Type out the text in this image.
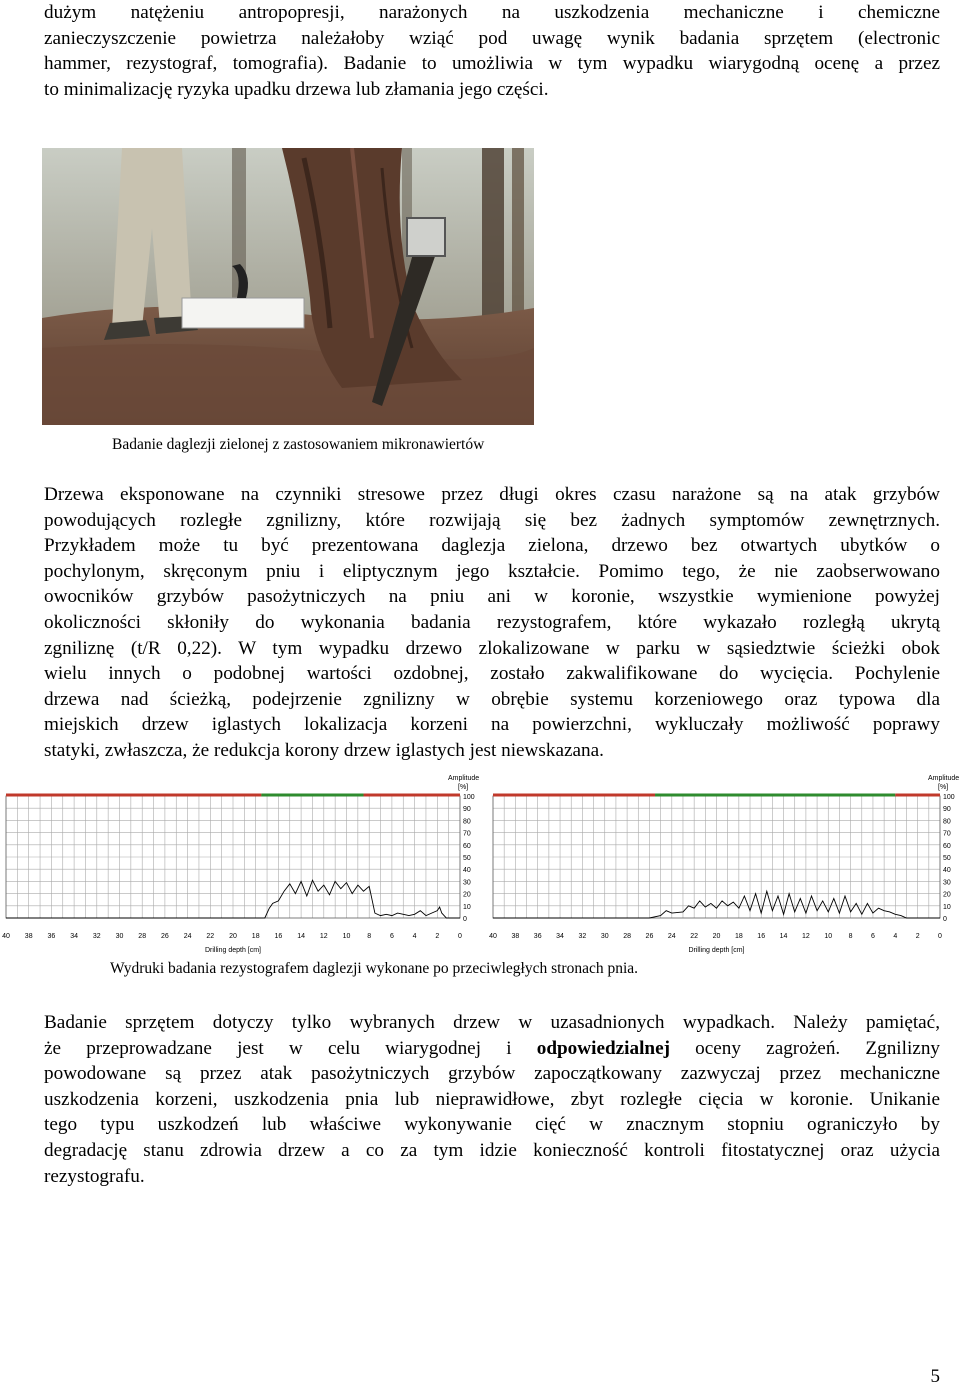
dużym natężeniu antropopresji, narażonych na uszkodzenia mechaniczne i chemiczne
zanieczyszczenie powietrza należałoby wziąć pod uwagę wynik badania sprzętem (electronic
hammer, rezystograf, tomografia). Badanie to umożliwia w tym wypadku wiarygodną ocenę a przez
to minimalizację ryzyka upadku drzewa lub złamania jego części.

Badanie daglezji zielonej z zastosowaniem mikronawiertów

Drzewa eksponowane na czynniki stresowe przez długi okres czasu narażone są na atak grzybów
powodujących rozległe zgnilizny, które rozwijają się bez żadnych symptomów zewnętrznych.
Przykładem może tu być prezentowana daglezja zielona, drzewo bez otwartych ubytków o
pochylonym, skręconym pniu i eliptycznym jego kształcie. Pomimo tego, że nie zaobserwowano
owocników grzybów pasożytniczych na pniu ani w koronie, wszystkie wymienione powyżej
okoliczności skłoniły do wykonania badania rezystografem, które wykazało rozległą ukrytą
zgniliznę (t/R 0,22). W tym wypadku drzewo zlokalizowane w parku w sąsiedztwie ścieżki obok
wielu innych o podobnej wartości ozdobnej, zostało zakwalifikowane do wycięcia. Pochylenie
drzewa nad ścieżką, podejrzenie zgnilizny w obrębie systemu korzeniowego oraz typowa dla
miejskich drzew iglastych lokalizacja korzeni na powierzchni, wykluczały możliwość poprawy
statyki, zwłaszcza, że redukcja korony drzew iglastych jest niewskazana.
40 38 36 34 32 30 28 26 24 22 20 18 16 14 12 10 8	6	4	2	0
100
90
80
70
60
50
40
30
20
10
0
Amplitude
[%]
Drilling depth [cm]
40 38 36 34 32 30 28 26 24 22 20 18 16 14 12 10 8	6	4	2	0
100
90
80
70
60
50
40
30
20
10
0
Amplitude
[%]
Drilling depth [cm]

Wydruki badania rezystografem daglezji wykonane po przeciwległych stronach pnia.

Badanie sprzętem dotyczy tylko wybranych drzew w uzasadnionych wypadkach. Należy pamiętać,
że przeprowadzane jest w celu wiarygodnej i odpowiedzialnej oceny zagrożeń. Zgnilizny
powodowane są przez atak pasożytniczych grzybów zapoczątkowany zazwyczaj przez mechaniczne
uszkodzenia korzeni, uszkodzenia pnia lub nieprawidłowe, zbyt rozległe cięcia w koronie. Unikanie
tego typu uszkodzeń lub właściwe wykonywanie cięć w znacznym stopniu ograniczyło by
degradację stanu zdrowia drzew a co za tym idzie konieczność kontroli fitostatycznej oraz użycia
rezystografu.
5
